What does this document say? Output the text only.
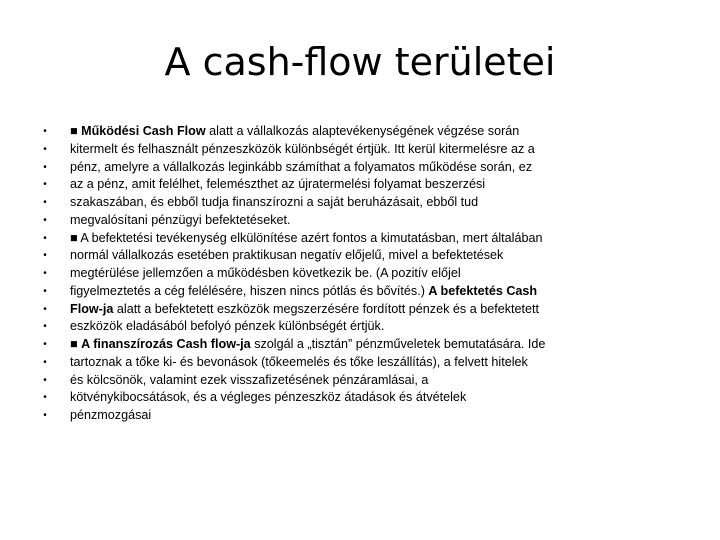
A cash-flow területei
• ■ Működési Cash Flow alatt a vállalkozás alaptevékenységének végzése során
• kitermelt és felhasznált pénzeszközök különbségét értjük. Itt kerül kitermelésre az a
• pénz, amelyre a vállalkozás leginkább számíthat a folyamatos működése során, ez
• az a pénz, amit felélhet, felemészthet az újratermelési folyamat beszerzési
• szakaszában, és ebből tudja finanszírozni a saját beruházásait, ebből tud
• megvalósítani pénzügyi befektetéseket.
• ■ A befektetési tevékenység elkülönítése azért fontos a kimutatásban, mert általában
• normál vállalkozás esetében praktikusan negatív előjelű, mivel a befektetések
• megtérülése jellemzően a működésben következik be. (A pozitív előjel
• figyelmeztetés a cég felélésére, hiszen nincs pótlás és bővítés.) A befektetés Cash
• Flow-ja alatt a befektetett eszközök megszerzésére fordított pénzek és a befektetett
• eszközök eladásából befolyó pénzek különbségét értjük.
• ■ A finanszírozás Cash flow-ja szolgál a „tisztán” pénzműveletek bemutatására. Ide
• tartoznak a tőke ki- és bevonások (tőkeemelés és tőke leszállítás), a felvett hitelek
• és kölcsönök, valamint ezek visszafizetésének pénzáramlásai, a
• kötvénykibocsátások, és a végleges pénzeszköz átadások és átvételek
• pénzmozgásai
